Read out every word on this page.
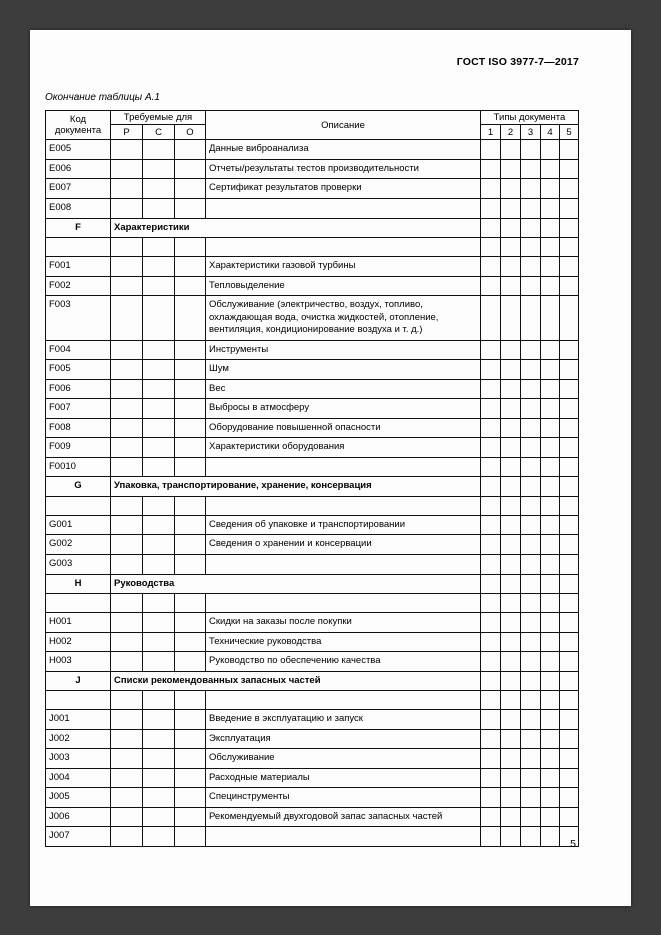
ГОСТ ISO 3977-7—2017
Окончание таблицы А.1
Код документа	Требуемые для			Описание	Типы документа				
	Р	С	О		1	2	3	4	5
E005				Данные виброанализа					
E006				Отчеты/результаты тестов производительности					
E007				Сертификат результатов проверки					
E008									
F	Характеристики								

F001				Характеристики газовой турбины					
F002				Тепловыделение					
F003				Обслуживание (электричество, воздух, топливо, охлаждающая вода, очистка жидкостей, отопление, вентиляция, кондиционирование воздуха и т. д.)					
F004				Инструменты					
F005				Шум					
F006				Вес					
F007				Выбросы в атмосферу					
F008				Оборудование повышенной опасности					
F009				Характеристики оборудования					
F0010									
G	Упаковка, транспортирование, хранение, консервация								

G001				Сведения об упаковке и транспортировании					
G002				Сведения о хранении и консервации					
G003									
H	Руководства								

H001				Скидки на заказы после покупки					
H002				Технические руководства					
H003				Руководство по обеспечению качества					
J	Списки рекомендованных запасных частей								

J001				Введение в эксплуатацию и запуск					
J002				Эксплуатация					
J003				Обслуживание					
J004				Расходные материалы					
J005				Специнструменты					
J006				Рекомендуемый двухгодовой запас запасных частей					
J007									
5
